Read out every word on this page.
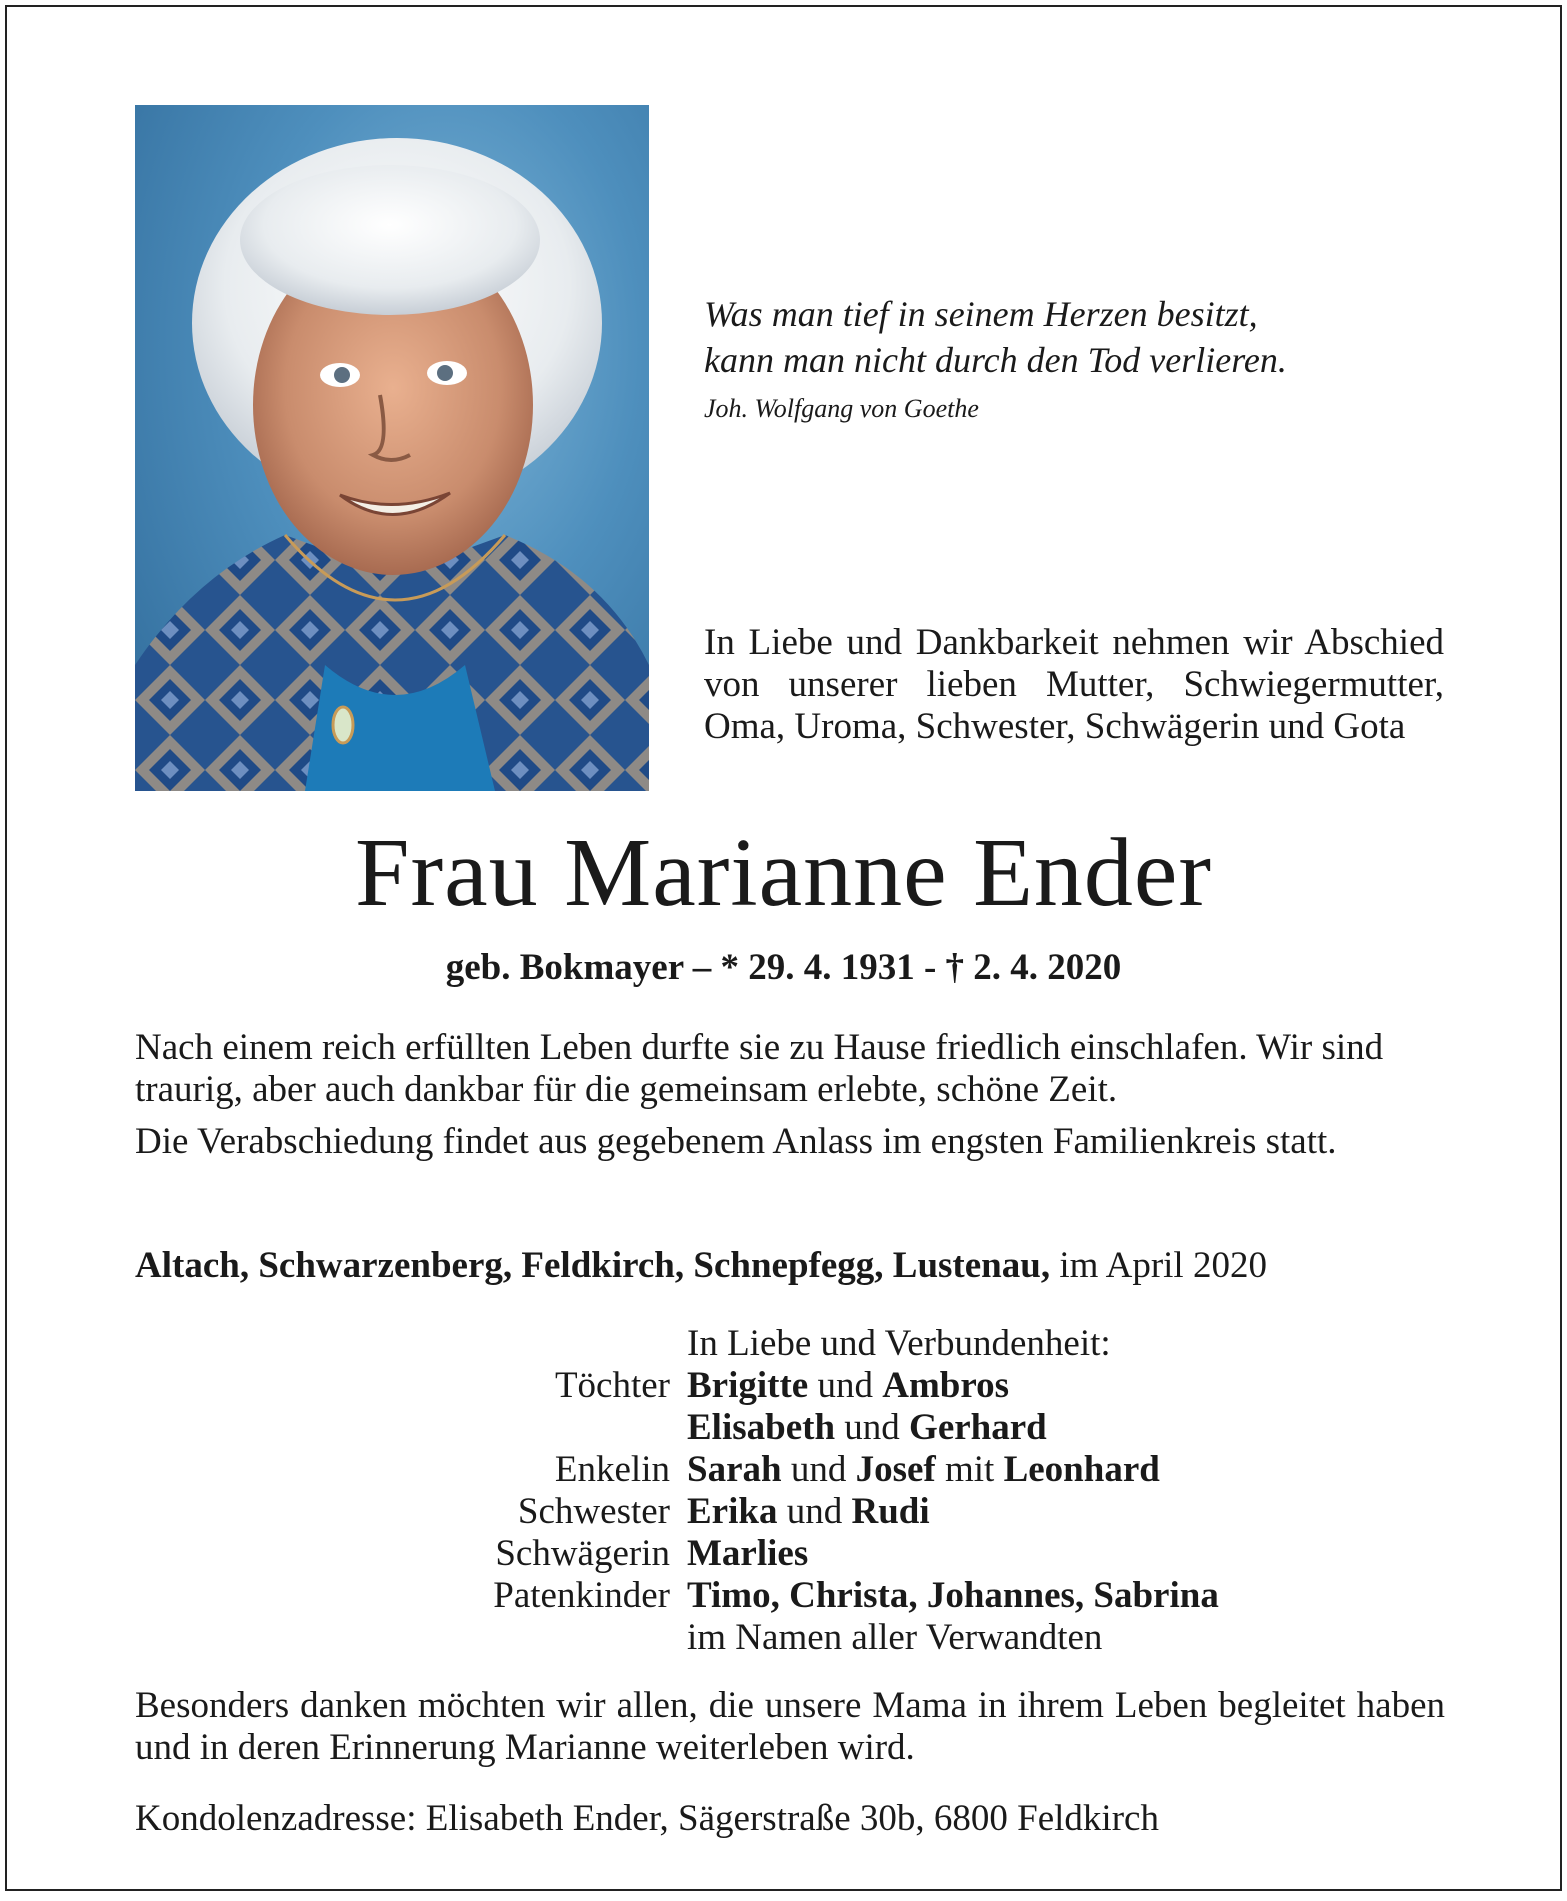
Was man tief in seinem Herzen besitzt,
kann man nicht durch den Tod verlieren.
Joh. Wolfgang von Goethe
In Liebe und Dankbarkeit nehmen wir Abschied von unserer lieben Mutter, Schwiegermutter, Oma, Uroma, Schwester, Schwägerin und Gota
Frau Marianne Ender
geb. Bokmayer – * 29. 4. 1931 - † 2. 4. 2020

Nach einem reich erfüllten Leben durfte sie zu Hause friedlich einschlafen. Wir sind traurig, aber auch dankbar für die gemeinsam erlebte, schöne Zeit.

Die Verabschiedung findet aus gegebenem Anlass im engsten Familienkreis statt.

Altach, Schwarzenberg, Feldkirch, Schnepfegg, Lustenau, im April 2020
In Liebe und Verbundenheit:
Töchter Brigitte und Ambros
Elisabeth und Gerhard
Enkelin Sarah und Josef mit Leonhard
Schwester Erika und Rudi
Schwägerin Marlies
Patenkinder Timo, Christa, Johannes, Sabrina
im Namen aller Verwandten
Besonders danken möchten wir allen, die unsere Mama in ihrem Leben begleitet haben und in deren Erinnerung Marianne weiterleben wird.
Kondolenzadresse: Elisabeth Ender, Sägerstraße 30b, 6800 Feldkirch
